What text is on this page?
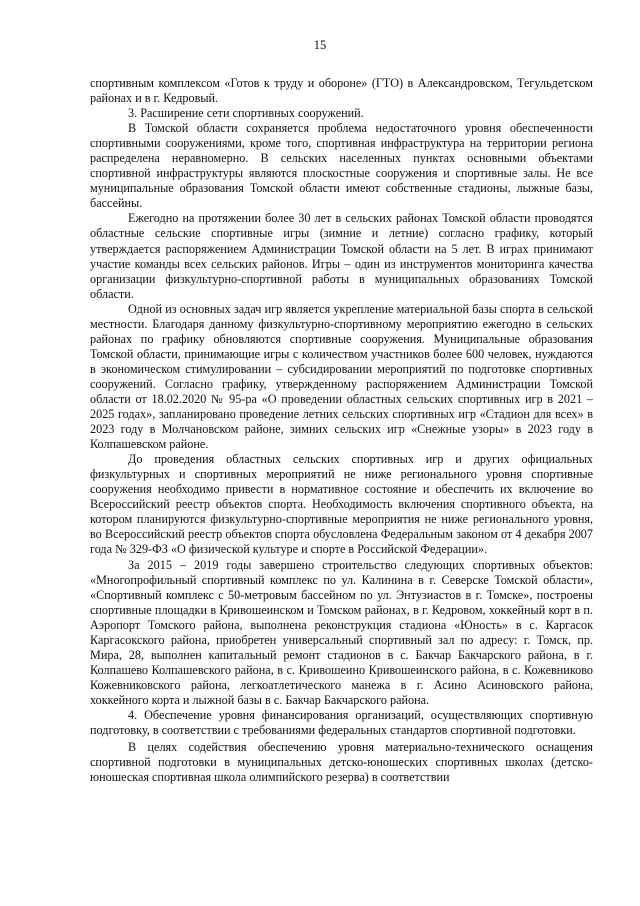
15

спортивным комплексом «Готов к труду и обороне» (ГТО) в Александровском, Тегульдетском районах и в г. Кедровый.

3. Расширение сети спортивных сооружений.

В Томской области сохраняется проблема недостаточного уровня обеспеченности спортивными сооружениями, кроме того, спортивная инфраструктура на территории региона распределена неравномерно. В сельских населенных пунктах основными объектами спортивной инфраструктуры являются плоскостные сооружения и спортивные залы. Не все муниципальные образования Томской области имеют собственные стадионы, лыжные базы, бассейны.

Ежегодно на протяжении более 30 лет в сельских районах Томской области проводятся областные сельские спортивные игры (зимние и летние) согласно графику, который утверждается распоряжением Администрации Томской области на 5 лет. В играх принимают участие команды всех сельских районов. Игры – один из инструментов мониторинга качества организации физкультурно-спортивной работы в муниципальных образованиях Томской области.

Одной из основных задач игр является укрепление материальной базы спорта в сельской местности. Благодаря данному физкультурно-спортивному мероприятию ежегодно в сельских районах по графику обновляются спортивные сооружения. Муниципальные образования Томской области, принимающие игры с количеством участников более 600 человек, нуждаются в экономическом стимулировании – субсидировании мероприятий по подготовке спортивных сооружений. Согласно графику, утвержденному распоряжением Администрации Томской области от 18.02.2020 № 95-ра «О проведении областных сельских спортивных игр в 2021 – 2025 годах», запланировано проведение летних сельских спортивных игр «Стадион для всех» в 2023 году в Молчановском районе, зимних сельских игр «Снежные узоры» в 2023 году в Колпашевском районе.

До проведения областных сельских спортивных игр и других официальных физкультурных и спортивных мероприятий не ниже регионального уровня спортивные сооружения необходимо привести в нормативное состояние и обеспечить их включение во Всероссийский реестр объектов спорта. Необходимость включения спортивного объекта, на котором планируются физкультурно-спортивные мероприятия не ниже регионального уровня, во Всероссийский реестр объектов спорта обусловлена Федеральным законом от 4 декабря 2007 года № 329-ФЗ «О физической культуре и спорте в Российской Федерации».

За 2015 – 2019 годы завершено строительство следующих спортивных объектов: «Многопрофильный спортивный комплекс по ул. Калинина в г. Северске Томской области», «Спортивный комплекс с 50-метровым бассейном по ул. Энтузиастов в г. Томске», построены спортивные площадки в Кривошеинском и Томском районах, в г. Кедровом, хоккейный корт в п. Аэропорт Томского района, выполнена реконструкция стадиона «Юность» в с. Каргасок Каргасокского района, приобретен универсальный спортивный зал по адресу: г. Томск, пр. Мира, 28, выполнен капитальный ремонт стадионов в с. Бакчар Бакчарского района, в г. Колпашево Колпашевского района, в с. Кривошеино Кривошеинского района, в с. Кожевниково Кожевниковского района, легкоатлетического манежа в г. Асино Асиновского района, хоккейного корта и лыжной базы в с. Бакчар Бакчарского района.

4. Обеспечение уровня финансирования организаций, осуществляющих спортивную подготовку, в соответствии с требованиями федеральных стандартов спортивной подготовки.

В целях содействия обеспечению уровня материально-технического оснащения спортивной подготовки в муниципальных детско-юношеских спортивных школах (детско-юношеская спортивная школа олимпийского резерва) в соответствии
